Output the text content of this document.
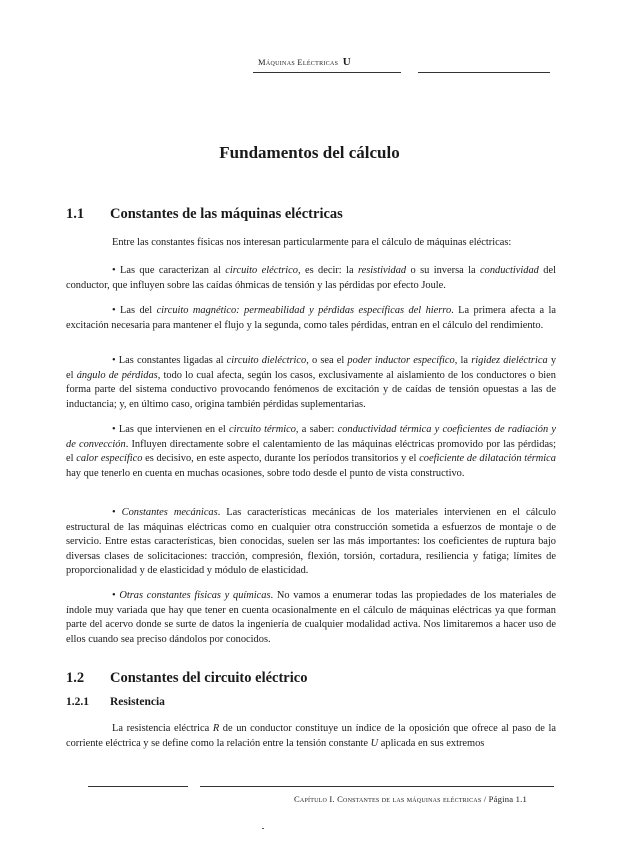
Máquinas Eléctricas U
Fundamentos del cálculo
1.1 Constantes de las máquinas eléctricas
Entre las constantes físicas nos interesan particularmente para el cálculo de máquinas eléctricas:
• Las que caracterizan al circuito eléctrico, es decir: la resistividad o su inversa la conductividad del conductor, que influyen sobre las caídas óhmicas de tensión y las pérdidas por efecto Joule.
• Las del circuito magnético: permeabilidad y pérdidas específicas del hierro. La primera afecta a la excitación necesaria para mantener el flujo y la segunda, como tales pérdidas, entran en el cálculo del rendimiento.
• Las constantes ligadas al circuito dieléctrico, o sea el poder inductor específico, la rigidez dieléctrica y el ángulo de pérdidas, todo lo cual afecta, según los casos, exclusivamente al aislamiento de los conductores o bien forma parte del sistema conductivo provocando fenómenos de excitación y de caídas de tensión opuestas a las de inductancia; y, en último caso, origina también pérdidas suplementarias.
• Las que intervienen en el circuito térmico, a saber: conductividad térmica y coeficientes de radiación y de convección. Influyen directamente sobre el calentamiento de las máquinas eléctricas promovido por las pérdidas; el calor específico es decisivo, en este aspecto, durante los períodos transitorios y el coeficiente de dilatación térmica hay que tenerlo en cuenta en muchas ocasiones, sobre todo desde el punto de vista constructivo.
• Constantes mecánicas. Las características mecánicas de los materiales intervienen en el cálculo estructural de las máquinas eléctricas como en cualquier otra construcción sometida a esfuerzos de montaje o de servicio. Entre estas características, bien conocidas, suelen ser las más importantes: los coeficientes de ruptura bajo diversas clases de solicitaciones: tracción, compresión, flexión, torsión, cortadura, resiliencia y fatiga; límites de proporcionalidad y de elasticidad y módulo de elasticidad.
• Otras constantes físicas y químicas. No vamos a enumerar todas las propiedades de los materiales de índole muy variada que hay que tener en cuenta ocasionalmente en el cálculo de máquinas eléctricas ya que forman parte del acervo donde se surte de datos la ingeniería de cualquier modalidad activa. Nos limitaremos a hacer uso de ellos cuando sea preciso dándolos por conocidos.
1.2 Constantes del circuito eléctrico
1.2.1 Resistencia
La resistencia eléctrica R de un conductor constituye un índice de la oposición que ofrece al paso de la corriente eléctrica y se define como la relación entre la tensión constante U aplicada en sus extremos
Capítulo I. Constantes de las máquinas eléctricas / Página 1.1
